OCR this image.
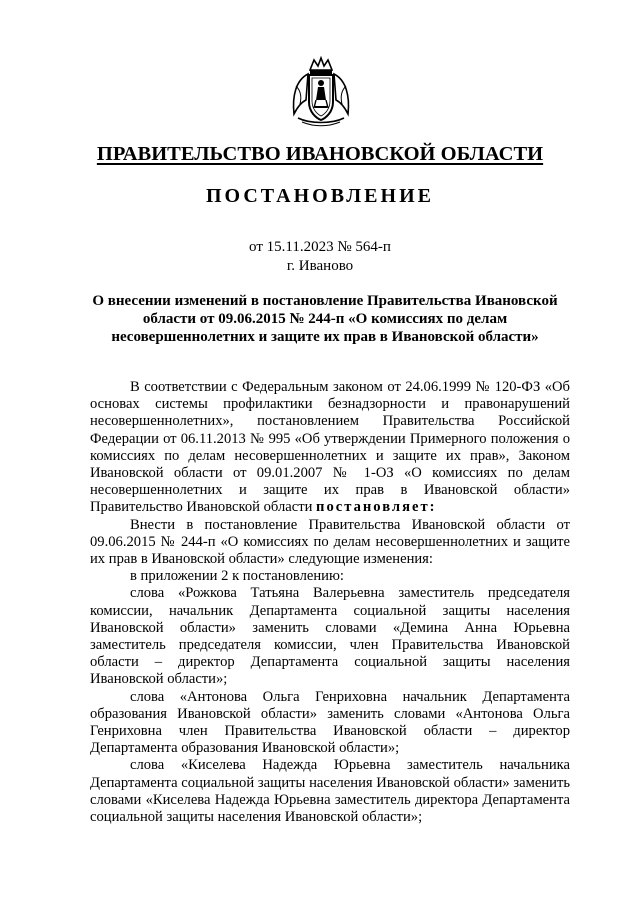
ПРАВИТЕЛЬСТВО ИВАНОВСКОЙ ОБЛАСТИ
ПОСТАНОВЛЕНИЕ
от 15.11.2023 № 564-п
г. Иваново
О внесении изменений в постановление Правительства Ивановской области от 09.06.2015 № 244-п «О комиссиях по делам несовершеннолетних и защите их прав в Ивановской области»

В соответствии с Федеральным законом от 24.06.1999 № 120-ФЗ «Об основах системы профилактики безнадзорности и правонарушений несовершеннолетних», постановлением Правительства Российской Федерации от 06.11.2013 № 995 «Об утверждении Примерного положения о комиссиях по делам несовершеннолетних и защите их прав», Законом Ивановской области от 09.01.2007 № 1-ОЗ «О комиссиях по делам несовершеннолетних и защите их прав в Ивановской области» Правительство Ивановской области постановляет:

Внести в постановление Правительства Ивановской области от 09.06.2015 № 244-п «О комиссиях по делам несовершеннолетних и защите их прав в Ивановской области» следующие изменения:

в приложении 2 к постановлению:

слова «Рожкова Татьяна Валерьевна заместитель председателя комиссии, начальник Департамента социальной защиты населения Ивановской области» заменить словами «Демина Анна Юрьевна заместитель председателя комиссии, член Правительства Ивановской области – директор Департамента социальной защиты населения Ивановской области»;

слова «Антонова Ольга Генриховна начальник Департамента образования Ивановской области» заменить словами «Антонова Ольга Генриховна член Правительства Ивановской области – директор Департамента образования Ивановской области»;

слова «Киселева Надежда Юрьевна заместитель начальника Департамента социальной защиты населения Ивановской области» заменить словами «Киселева Надежда Юрьевна заместитель директора Департамента социальной защиты населения Ивановской области»;
